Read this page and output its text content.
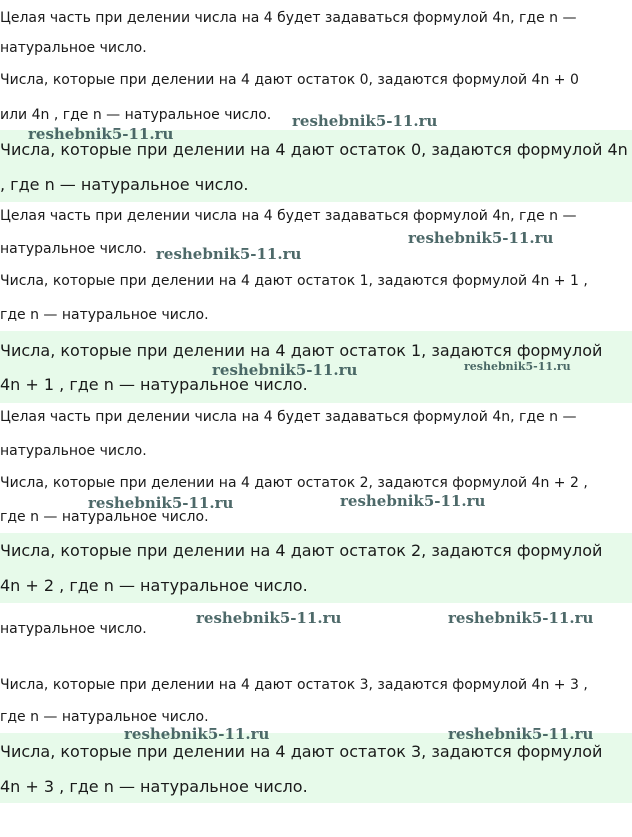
Целая часть при делении числа на 4 будет задаваться формулой 4n, где n —

натуральное число.

Числа, которые при делении на 4 дают остаток 0, задаются формулой 4n + 0

или 4n , где n — натуральное число.

Числа, которые при делении на 4 дают остаток 0, задаются формулой 4n

, где n — натуральное число.

Целая часть при делении числа на 4 будет задаваться формулой 4n, где n —

натуральное число.

Числа, которые при делении на 4 дают остаток 1, задаются формулой 4n + 1 ,

где n — натуральное число.

Числа, которые при делении на 4 дают остаток 1, задаются формулой

4n + 1 , где n — натуральное число.

Целая часть при делении числа на 4 будет задаваться формулой 4n, где n —

натуральное число.

Числа, которые при делении на 4 дают остаток 2, задаются формулой 4n + 2 ,

где n — натуральное число.

Числа, которые при делении на 4 дают остаток 2, задаются формулой

4n + 2 , где n — натуральное число.

натуральное число.

Числа, которые при делении на 4 дают остаток 3, задаются формулой 4n + 3 ,

где n — натуральное число.

Числа, которые при делении на 4 дают остаток 3, задаются формулой

4n + 3 , где n — натуральное число.

reshebnik5-11.ru
reshebnik5-11.ru
reshebnik5-11.ru
reshebnik5-11.ru
reshebnik5-11.ru	reshebnik5-11.ru
reshebnik5-11.ru	reshebnik5-11.ru
reshebnik5-11.ru	reshebnik5-11.ru
reshebnik5-11.ru	reshebnik5-11.ru
